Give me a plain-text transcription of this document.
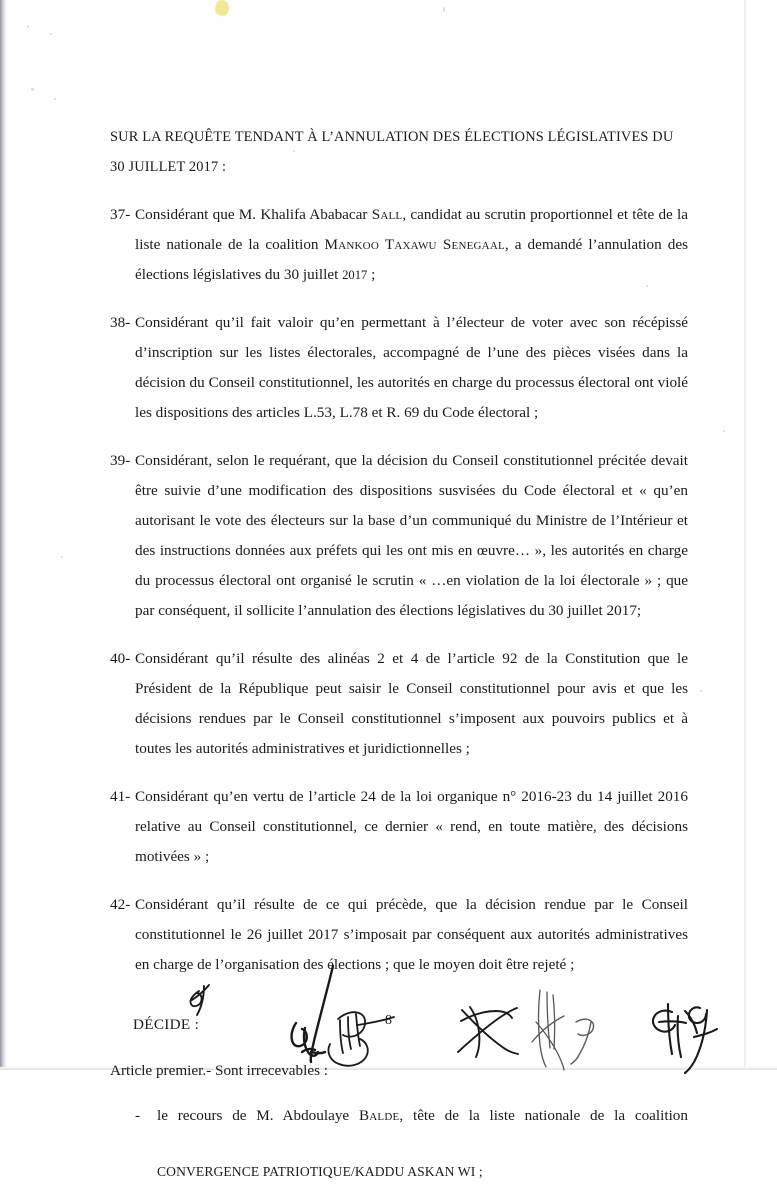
SUR LA REQUÊTE TENDANT À L’ANNULATION DES ÉLECTIONS LÉGISLATIVES DU
30 JUILLET 2017 :
37- Considérant que M. Khalifa Ababacar Sall, candidat au scrutin proportionnel et tête de la liste nationale de la coalition Mankoo Taxawu Senegaal, a demandé l’annulation des élections législatives du 30 juillet 2017 ;
38- Considérant qu’il fait valoir qu’en permettant à l’électeur de voter avec son récépissé d’inscription sur les listes électorales, accompagné de l’une des pièces visées dans la décision du Conseil constitutionnel, les autorités en charge du processus électoral ont violé les dispositions des articles L.53, L.78 et R. 69 du Code électoral ;
39- Considérant, selon le requérant, que la décision du Conseil constitutionnel précitée devait être suivie d’une modification des dispositions susvisées du Code électoral et « qu’en autorisant le vote des électeurs sur la base d’un communiqué du Ministre de l’Intérieur et des instructions données aux préfets qui les ont mis en œuvre… », les autorités en charge du processus électoral ont organisé le scrutin « …en violation de la loi électorale » ; que par conséquent, il sollicite l’annulation des élections législatives du 30 juillet 2017;
40- Considérant qu’il résulte des alinéas 2 et 4 de l’article 92 de la Constitution que le Président de la République peut saisir le Conseil constitutionnel pour avis et que les décisions rendues par le Conseil constitutionnel s’imposent aux pouvoirs publics et à toutes les autorités administratives et juridictionnelles ;
41- Considérant qu’en vertu de l’article 24 de la loi organique n° 2016-23 du 14 juillet 2016 relative au Conseil constitutionnel, ce dernier « rend, en toute matière, des décisions motivées » ;
42- Considérant qu’il résulte de ce qui précède, que la décision rendue par le Conseil constitutionnel le 26 juillet 2017 s’imposait par conséquent aux autorités administratives en charge de l’organisation des élections ; que le moyen doit être rejeté ;
DÉCIDE :
Article premier.- Sont irrecevables :
-	le recours de M. Abdoulaye Balde, tête de la liste nationale de la coalition
CONVERGENCE PATRIOTIQUE/KADDU ASKAN WI ;
8
